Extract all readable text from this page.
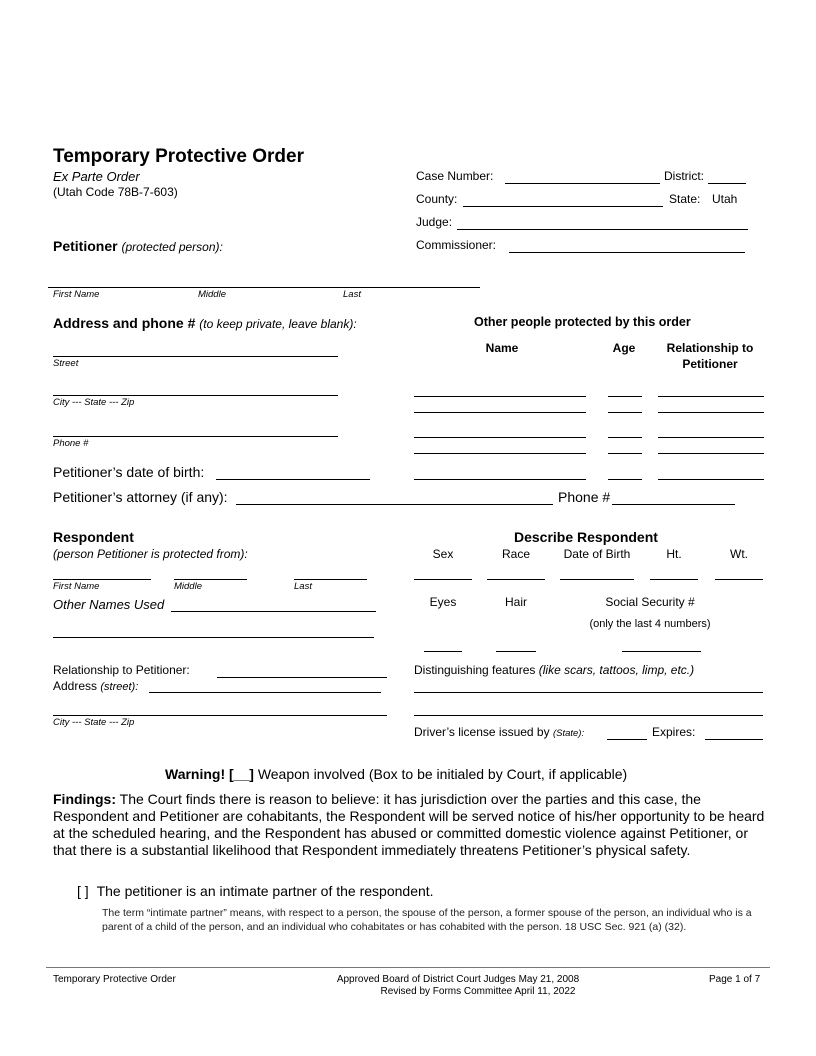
Temporary Protective Order
Ex Parte Order
(Utah Code 78B-7-603)
Case Number:	District:
County:	State: Utah
Judge:
Commissioner:
Petitioner (protected person):
First Name	Middle	Last
Address and phone # (to keep private, leave blank):
Street
City --- State --- Zip
Phone #
Petitioner’s date of birth:
Petitioner’s attorney (if any):	Phone #
Other people protected by this order
Name	Age	Relationship to
Petitioner
Respondent
(person Petitioner is protected from):
First Name	Middle	Last
Other Names Used
Relationship to Petitioner:
Address (street):
City --- State --- Zip
Describe Respondent
Sex	Race	Date of Birth	Ht.	Wt.
Eyes	Hair	Social Security #
(only the last 4 numbers)
Distinguishing features (like scars, tattoos, limp, etc.)
Driver’s license issued by (State):	Expires:
Warning! [__] Weapon involved (Box to be initialed by Court, if applicable)
Findings: The Court finds there is reason to believe: it has jurisdiction over the parties and this case, the Respondent and Petitioner are cohabitants, the Respondent will be served notice of his/her opportunity to be heard at the scheduled hearing, and the Respondent has abused or committed domestic violence against Petitioner, or that there is a substantial likelihood that Respondent immediately threatens Petitioner’s physical safety.
[ ] The petitioner is an intimate partner of the respondent.
The term “intimate partner” means, with respect to a person, the spouse of the person, a former spouse of the person, an individual who is a parent of a child of the person, and an individual who cohabitates or has cohabited with the person. 18 USC Sec. 921 (a) (32).
Temporary Protective Order	Approved Board of District Court Judges May 21, 2008
Revised by Forms Committee April 11, 2022
Page 1 of 7
